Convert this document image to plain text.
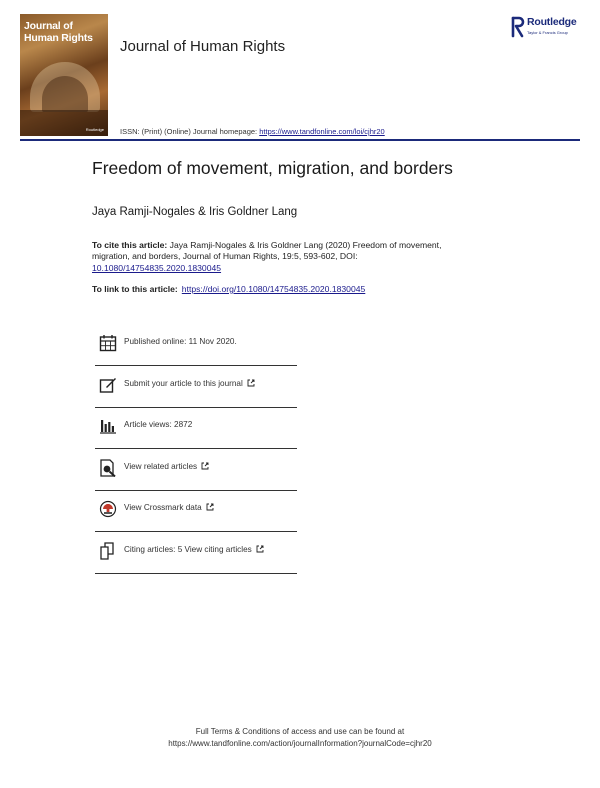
Journal of
Human Rights
Routledge
Journal of Human Rights
ISSN: (Print) (Online) Journal homepage: https://www.tandfonline.com/loi/cjhr20
Routledge
Taylor & Francis Group
Freedom of movement, migration, and borders
Jaya Ramji-Nogales & Iris Goldner Lang
To cite this article: Jaya Ramji-Nogales & Iris Goldner Lang (2020) Freedom of movement, migration, and borders, Journal of Human Rights, 19:5, 593-602, DOI: 10.1080/14754835.2020.1830045
To link to this article: https://doi.org/10.1080/14754835.2020.1830045
Published online: 11 Nov 2020.
Submit your article to this journal
Article views: 2872
View related articles
View Crossmark data
Citing articles: 5 View citing articles
Full Terms & Conditions of access and use can be found at
https://www.tandfonline.com/action/journalInformation?journalCode=cjhr20
